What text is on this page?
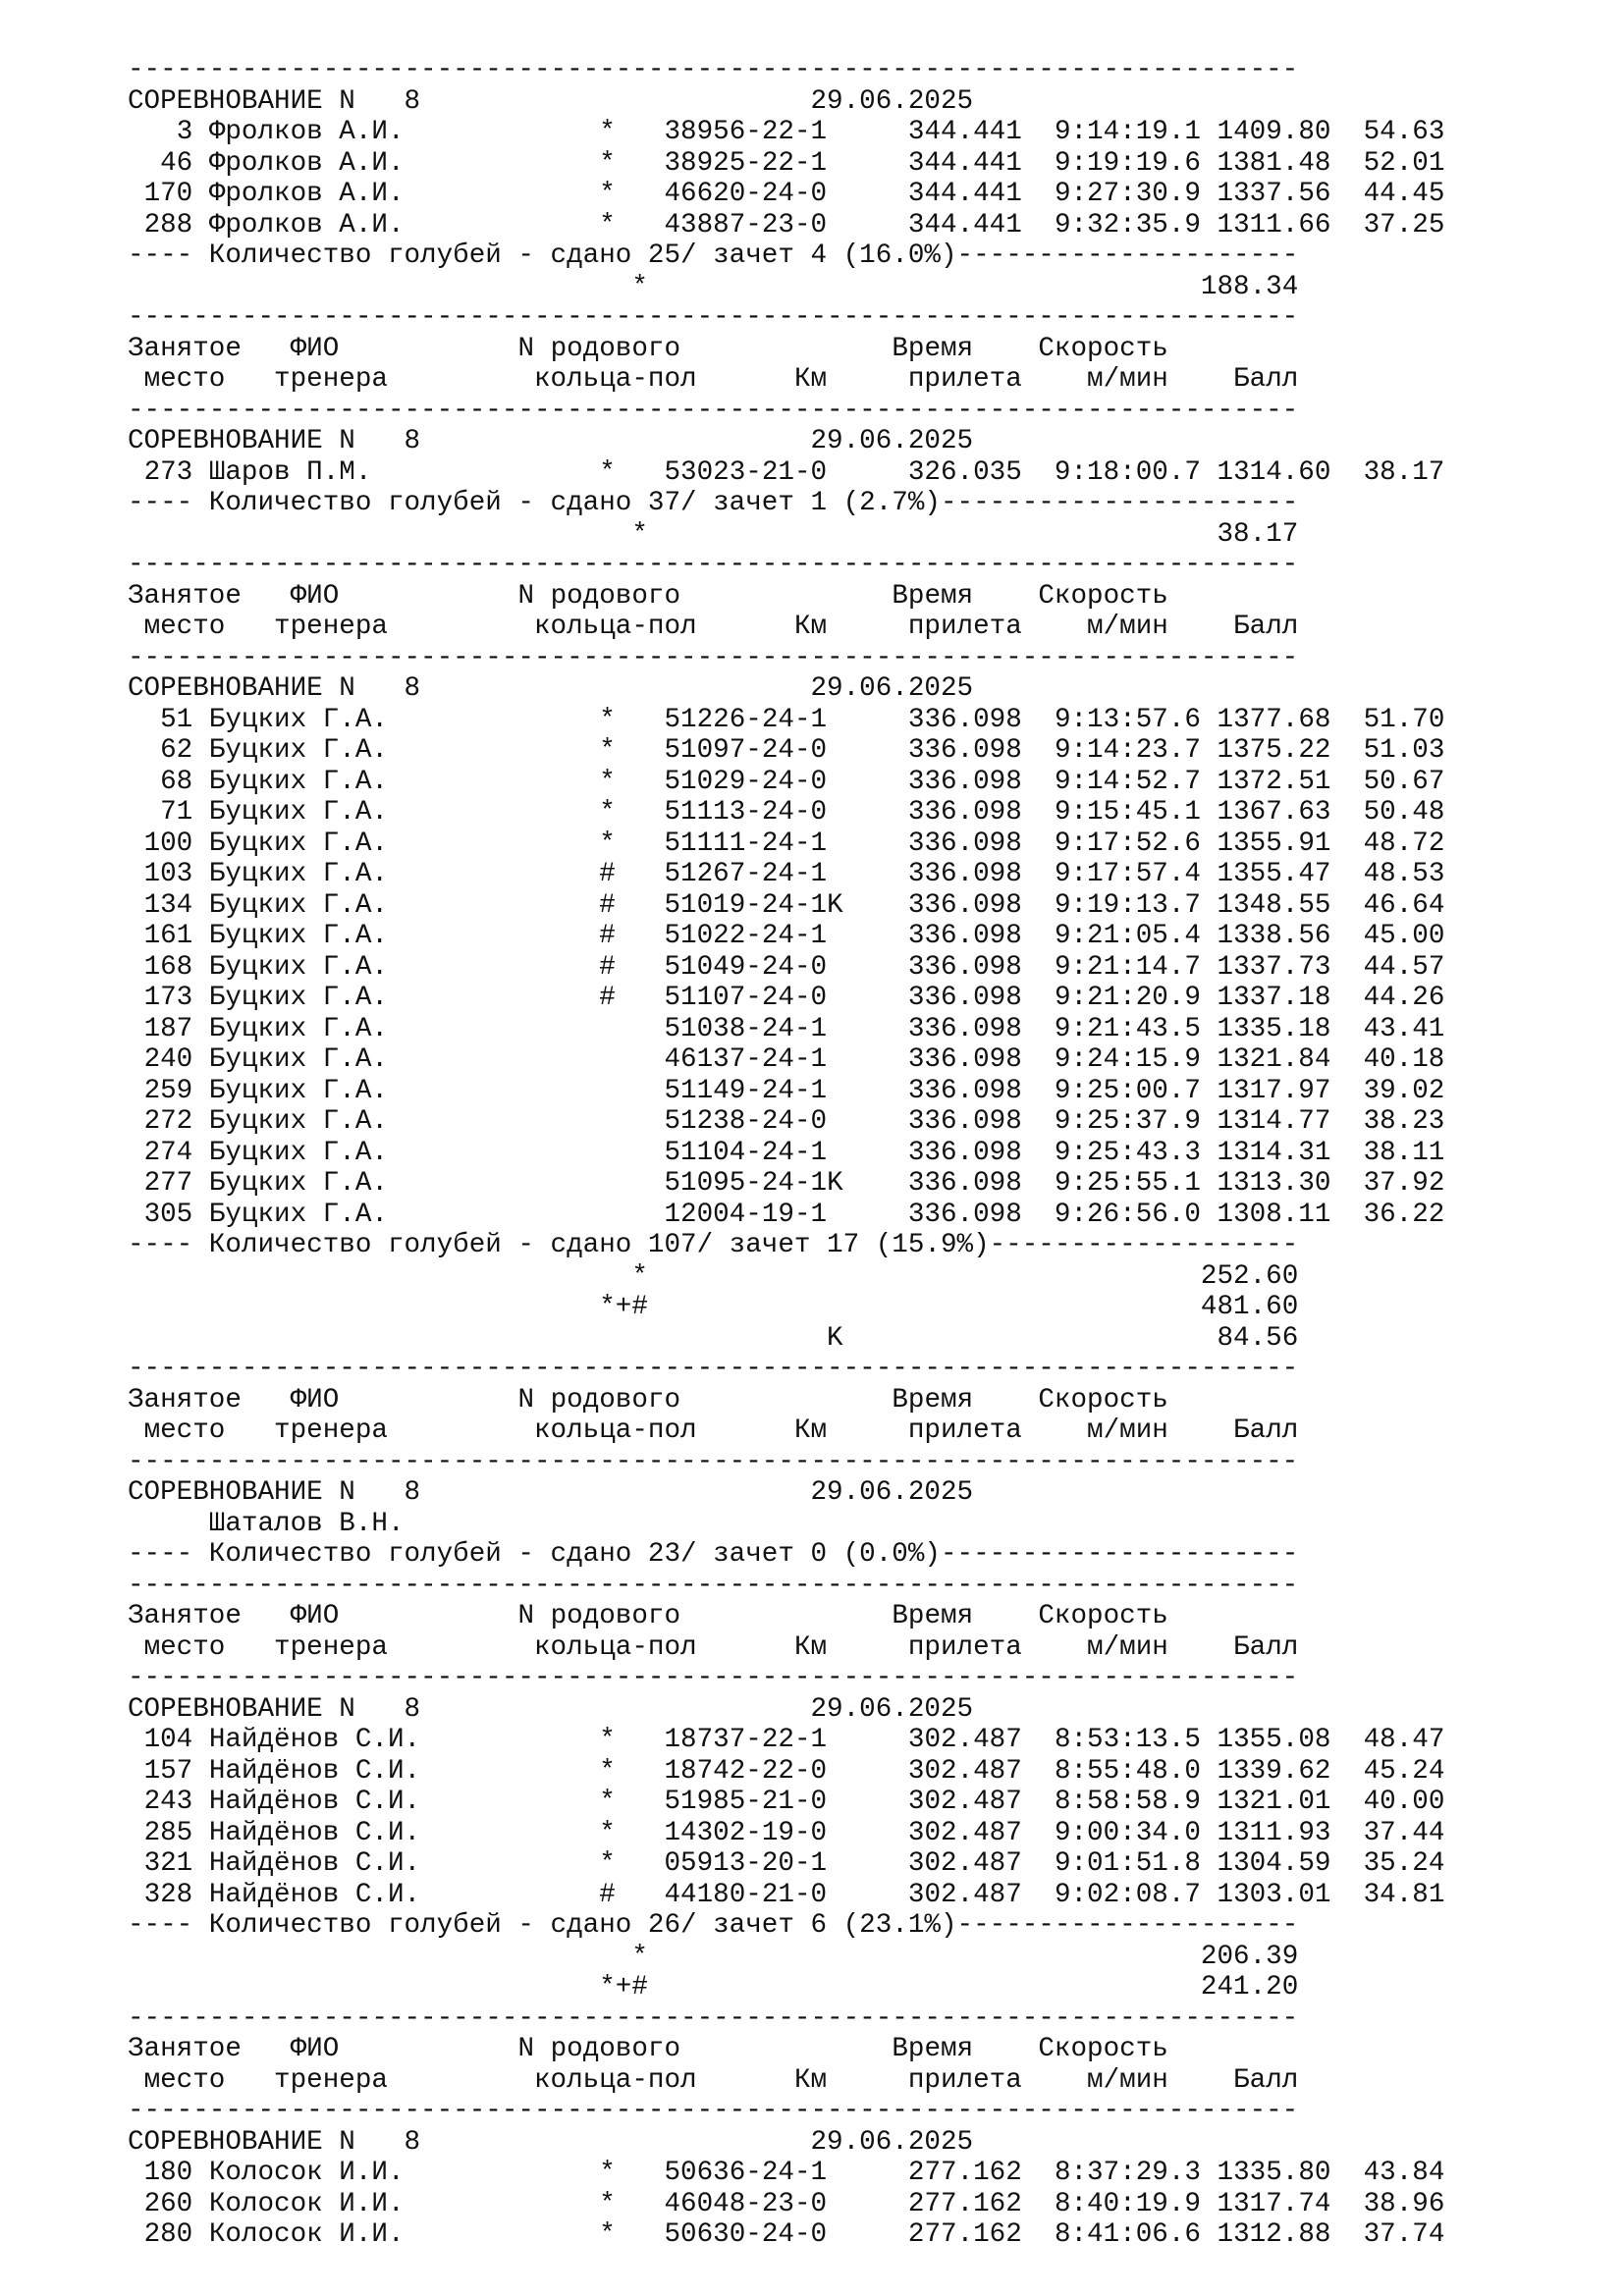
------------------------------------------------------------------------
СОРЕВНОВАНИЕ N   8	29.06.2025
3 Фролков А.И.	* 38956-22-1	344.441 9:14:19.1 1409.80 54.63
46 Фролков А.И.	* 38925-22-1	344.441 9:19:19.6 1381.48 52.01
170 Фролков А.И.	* 46620-24-0	344.441 9:27:30.9 1337.56 44.45
288 Фролков А.И.	* 43887-23-0	344.441 9:32:35.9 1311.66 37.25
---- Количество голубей - сдано 25/ зачет 4 (16.0%)---------------------
*	188.34
------------------------------------------------------------------------
Занятое ФИО	N родового	Время Скорость
место тренера	кольца-пол	Км	прилета м/мин Балл
------------------------------------------------------------------------
СОРЕВНОВАНИЕ N   8	29.06.2025
273 Шаров П.М.	* 53023-21-0	326.035 9:18:00.7 1314.60 38.17
---- Количество голубей - сдано 37/ зачет 1 (2.7%)----------------------
*	38.17
------------------------------------------------------------------------
Занятое ФИО	N родового	Время Скорость
место тренера	кольца-пол	Км	прилета м/мин Балл
------------------------------------------------------------------------
СОРЕВНОВАНИЕ N   8	29.06.2025
51 Буцких Г.А.	* 51226-24-1	336.098 9:13:57.6 1377.68 51.70
62 Буцких Г.А.	* 51097-24-0	336.098 9:14:23.7 1375.22 51.03
68 Буцких Г.А.	* 51029-24-0	336.098 9:14:52.7 1372.51 50.67
71 Буцких Г.А.	* 51113-24-0	336.098 9:15:45.1 1367.63 50.48
100 Буцких Г.А.	* 51111-24-1	336.098 9:17:52.6 1355.91 48.72
103 Буцких Г.А.	# 51267-24-1	336.098 9:17:57.4 1355.47 48.53
134 Буцких Г.А.	# 51019-24-1K 336.098 9:19:13.7 1348.55 46.64
161 Буцких Г.А.	# 51022-24-1	336.098 9:21:05.4 1338.56 45.00
168 Буцких Г.А.	# 51049-24-0	336.098 9:21:14.7 1337.73 44.57
173 Буцких Г.А.	# 51107-24-0	336.098 9:21:20.9 1337.18 44.26
187 Буцких Г.А.	51038-24-1	336.098 9:21:43.5 1335.18 43.41
240 Буцких Г.А.	46137-24-1	336.098 9:24:15.9 1321.84 40.18
259 Буцких Г.А.	51149-24-1	336.098 9:25:00.7 1317.97 39.02
272 Буцких Г.А.	51238-24-0	336.098 9:25:37.9 1314.77 38.23
274 Буцких Г.А.	51104-24-1	336.098 9:25:43.3 1314.31 38.11
277 Буцких Г.А.	51095-24-1K 336.098 9:25:55.1 1313.30 37.92
305 Буцких Г.А.	12004-19-1	336.098 9:26:56.0 1308.11 36.22
---- Количество голубей - сдано 107/ зачет 17 (15.9%)-------------------
*	252.60
*+#	481.60
K	84.56
------------------------------------------------------------------------
Занятое ФИО	N родового	Время Скорость
место тренера	кольца-пол	Км	прилета м/мин Балл
------------------------------------------------------------------------
СОРЕВНОВАНИЕ N   8	29.06.2025
Шаталов В.Н.
---- Количество голубей - сдано 23/ зачет 0 (0.0%)----------------------
------------------------------------------------------------------------
Занятое ФИО	N родового	Время Скорость
место тренера	кольца-пол	Км	прилета м/мин Балл
------------------------------------------------------------------------
СОРЕВНОВАНИЕ N   8	29.06.2025
104 Найдёнов С.И.	* 18737-22-1	302.487 8:53:13.5 1355.08 48.47
157 Найдёнов С.И.	* 18742-22-0	302.487 8:55:48.0 1339.62 45.24
243 Найдёнов С.И.	* 51985-21-0	302.487 8:58:58.9 1321.01 40.00
285 Найдёнов С.И.	* 14302-19-0	302.487 9:00:34.0 1311.93 37.44
321 Найдёнов С.И.	* 05913-20-1	302.487 9:01:51.8 1304.59 35.24
328 Найдёнов С.И.	# 44180-21-0	302.487 9:02:08.7 1303.01 34.81
---- Количество голубей - сдано 26/ зачет 6 (23.1%)---------------------
*	206.39
*+#	241.20
------------------------------------------------------------------------
Занятое ФИО	N родового	Время Скорость
место тренера	кольца-пол	Км	прилета м/мин Балл
------------------------------------------------------------------------
СОРЕВНОВАНИЕ N   8	29.06.2025
180 Колосок И.И.	* 50636-24-1	277.162 8:37:29.3 1335.80 43.84
260 Колосок И.И.	* 46048-23-0	277.162 8:40:19.9 1317.74 38.96
280 Колосок И.И.	* 50630-24-0	277.162 8:41:06.6 1312.88 37.74
